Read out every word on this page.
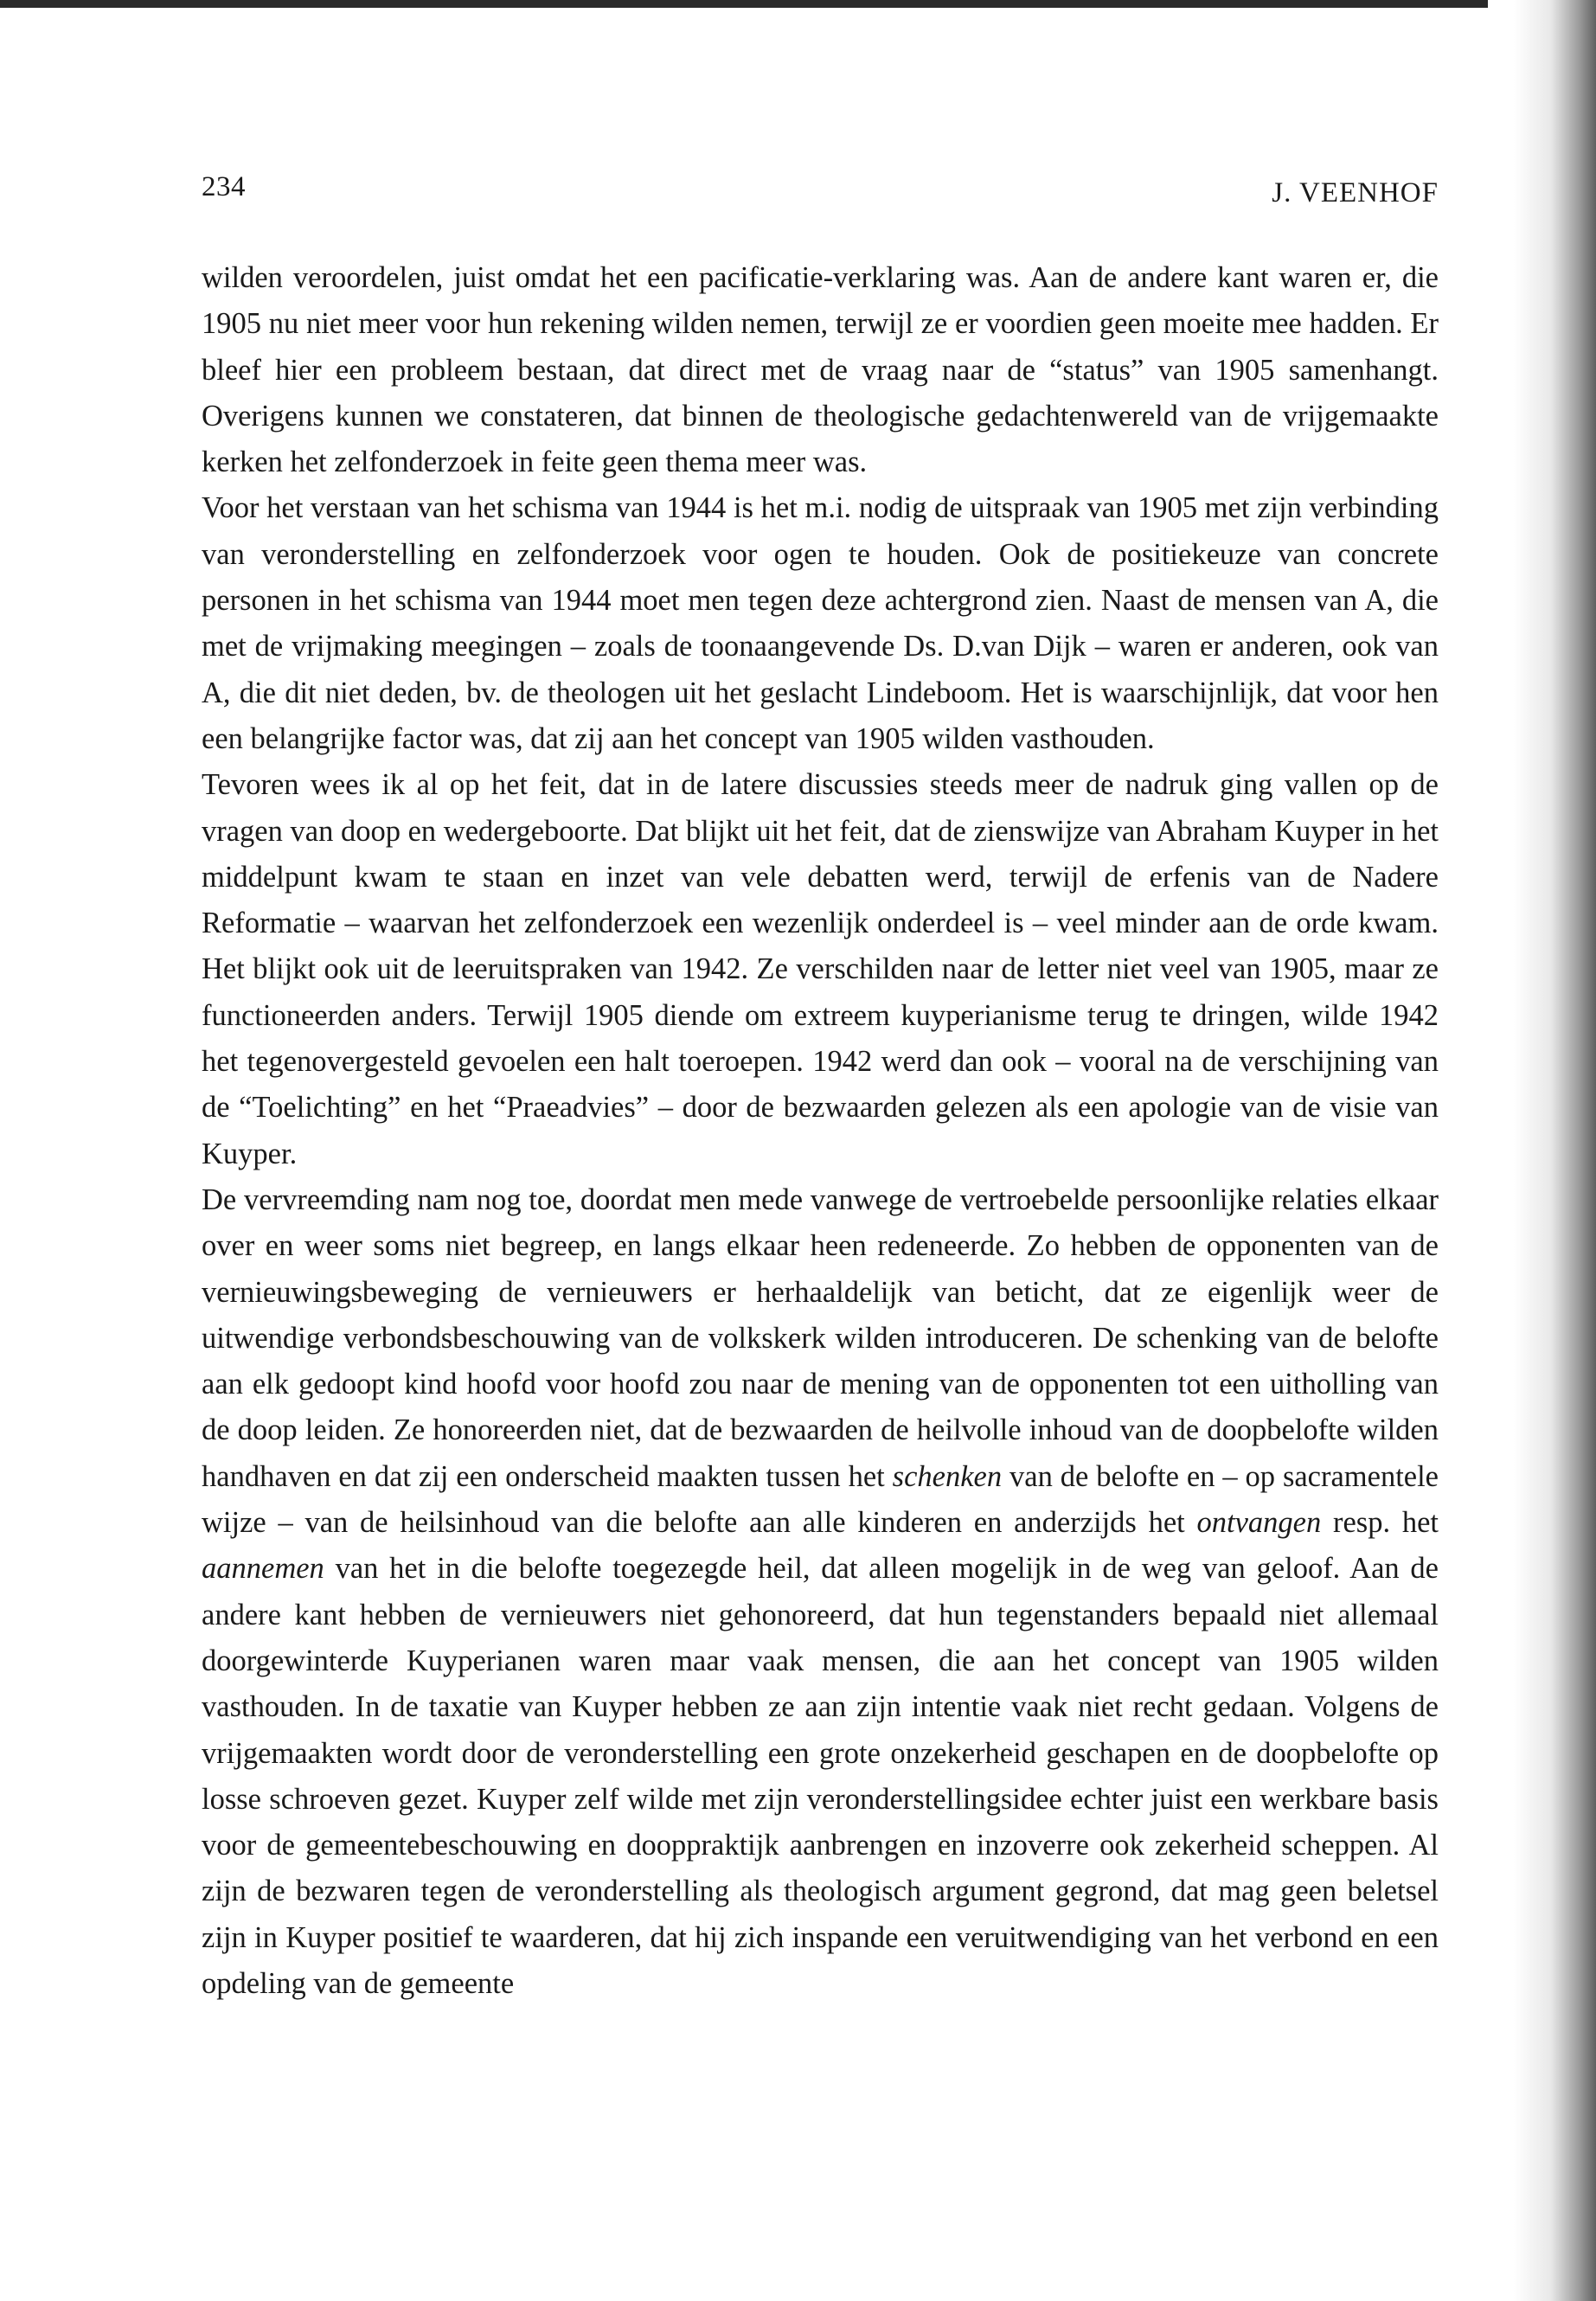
234	J. VEENHOF

wilden veroordelen, juist omdat het een pacificatie-verklaring was. Aan de andere kant waren er, die 1905 nu niet meer voor hun rekening wilden nemen, terwijl ze er voordien geen moeite mee hadden. Er bleef hier een probleem bestaan, dat direct met de vraag naar de “status” van 1905 samenhangt. Overigens kunnen we constateren, dat binnen de theologische gedachtenwereld van de vrijgemaakte kerken het zelfonderzoek in feite geen thema meer was.

Voor het verstaan van het schisma van 1944 is het m.i. nodig de uitspraak van 1905 met zijn verbinding van veronderstelling en zelfonderzoek voor ogen te houden. Ook de positiekeuze van concrete personen in het schisma van 1944 moet men tegen deze achtergrond zien. Naast de mensen van A, die met de vrijmaking meegingen – zoals de toonaangevende Ds. D.van Dijk – waren er anderen, ook van A, die dit niet deden, bv. de theologen uit het geslacht Lindeboom. Het is waarschijnlijk, dat voor hen een belangrijke factor was, dat zij aan het concept van 1905 wilden vasthouden.

Tevoren wees ik al op het feit, dat in de latere discussies steeds meer de nadruk ging vallen op de vragen van doop en wedergeboorte. Dat blijkt uit het feit, dat de zienswijze van Abraham Kuyper in het middelpunt kwam te staan en inzet van vele debatten werd, terwijl de erfenis van de Nadere Reformatie – waarvan het zelfonderzoek een wezenlijk onderdeel is – veel minder aan de orde kwam. Het blijkt ook uit de leeruitspraken van 1942. Ze verschilden naar de letter niet veel van 1905, maar ze functioneerden anders. Terwijl 1905 diende om extreem kuyperianisme terug te dringen, wilde 1942 het tegenovergesteld gevoelen een halt toeroepen. 1942 werd dan ook – vooral na de verschijning van de “Toelichting” en het “Praeadvies” – door de bezwaarden gelezen als een apologie van de visie van Kuyper.

De vervreemding nam nog toe, doordat men mede vanwege de vertroebelde persoonlijke relaties elkaar over en weer soms niet begreep, en langs elkaar heen redeneerde. Zo hebben de opponenten van de vernieuwingsbeweging de vernieuwers er herhaaldelijk van beticht, dat ze eigenlijk weer de uitwendige verbondsbeschouwing van de volkskerk wilden introduceren. De schenking van de belofte aan elk gedoopt kind hoofd voor hoofd zou naar de mening van de opponenten tot een uitholling van de doop leiden. Ze honoreerden niet, dat de bezwaarden de heilvolle inhoud van de doopbelofte wilden handhaven en dat zij een onderscheid maakten tussen het schenken van de belofte en – op sacramentele wijze – van de heilsinhoud van die belofte aan alle kinderen en anderzijds het ontvangen resp. het aannemen van het in die belofte toegezegde heil, dat alleen mogelijk in de weg van geloof. Aan de andere kant hebben de vernieuwers niet gehonoreerd, dat hun tegenstanders bepaald niet allemaal doorgewinterde Kuyperianen waren maar vaak mensen, die aan het concept van 1905 wilden vasthouden. In de taxatie van Kuyper hebben ze aan zijn intentie vaak niet recht gedaan. Volgens de vrijgemaakten wordt door de veronderstelling een grote onzekerheid geschapen en de doopbelofte op losse schroeven gezet. Kuyper zelf wilde met zijn veronderstellingsidee echter juist een werkbare basis voor de gemeentebeschouwing en dooppraktijk aanbrengen en inzoverre ook zekerheid scheppen. Al zijn de bezwaren tegen de veronderstelling als theologisch argument gegrond, dat mag geen beletsel zijn in Kuyper positief te waarderen, dat hij zich inspande een veruitwendiging van het verbond en een opdeling van de gemeente
